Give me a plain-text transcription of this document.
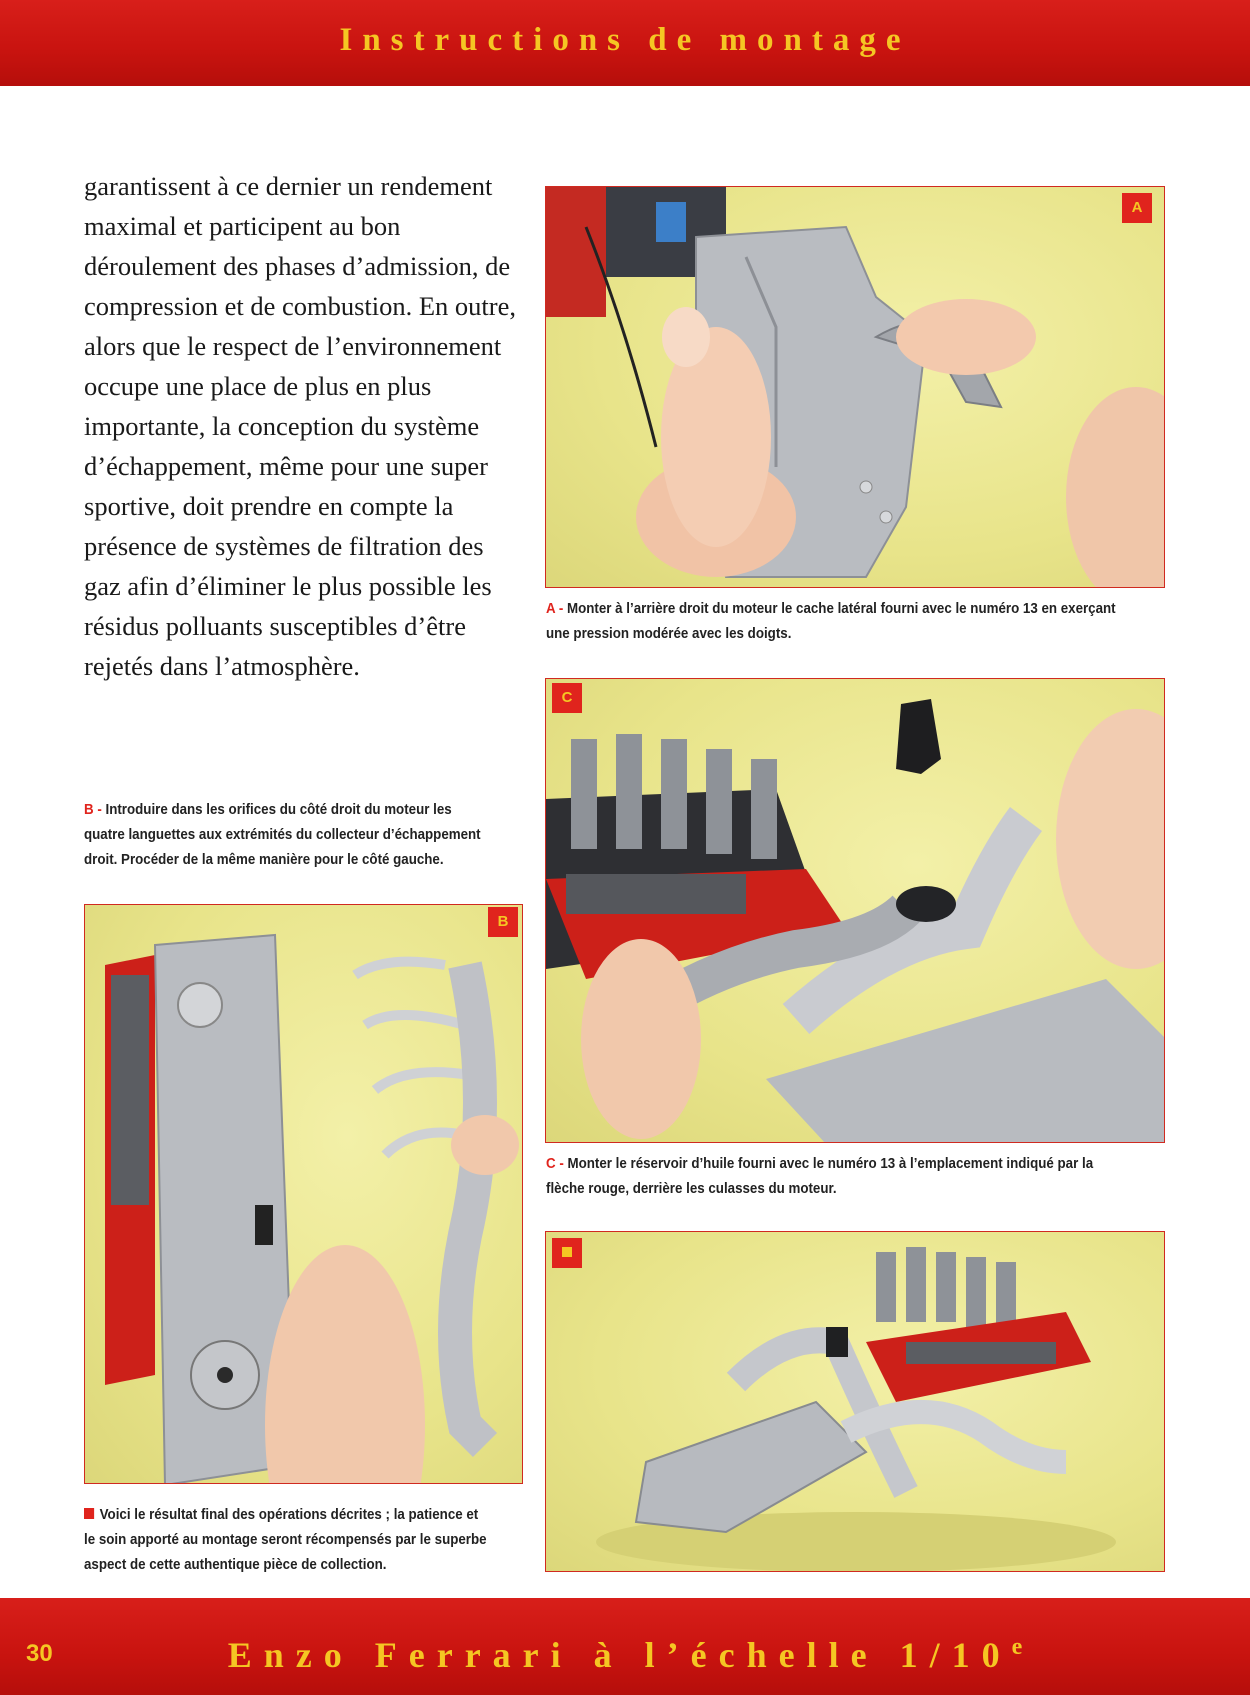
Instructions de montage

garantissent à ce dernier un rendement maximal et participent au bon déroulement des phases d’admission, de compression et de combustion. En outre, alors que le respect de l’environnement occupe une place de plus en plus importante, la conception du système d’échappement, même pour une super sportive, doit prendre en compte la présence de systèmes de filtration des gaz afin d’éliminer le plus possible les résidus polluants susceptibles d’être rejetés dans l’atmosphère.

A

A - Monter à l’arrière droit du moteur le cache latéral fourni avec le numéro 13 en exerçant une pression modérée avec les doigts.

C

C - Monter le réservoir d’huile fourni avec le numéro 13 à l’emplacement indiqué par la flèche rouge, derrière les culasses du moteur.

B - Introduire dans les orifices du côté droit du moteur les quatre languettes aux extrémités du collecteur d’échappement droit. Procéder de la même manière pour le côté gauche.

B

Voici le résultat final des opérations décrites ; la patience et le soin apporté au montage seront récompensés par le superbe aspect de cette authentique pièce de collection.

30	Enzo Ferrari à l’échelle 1/10e
